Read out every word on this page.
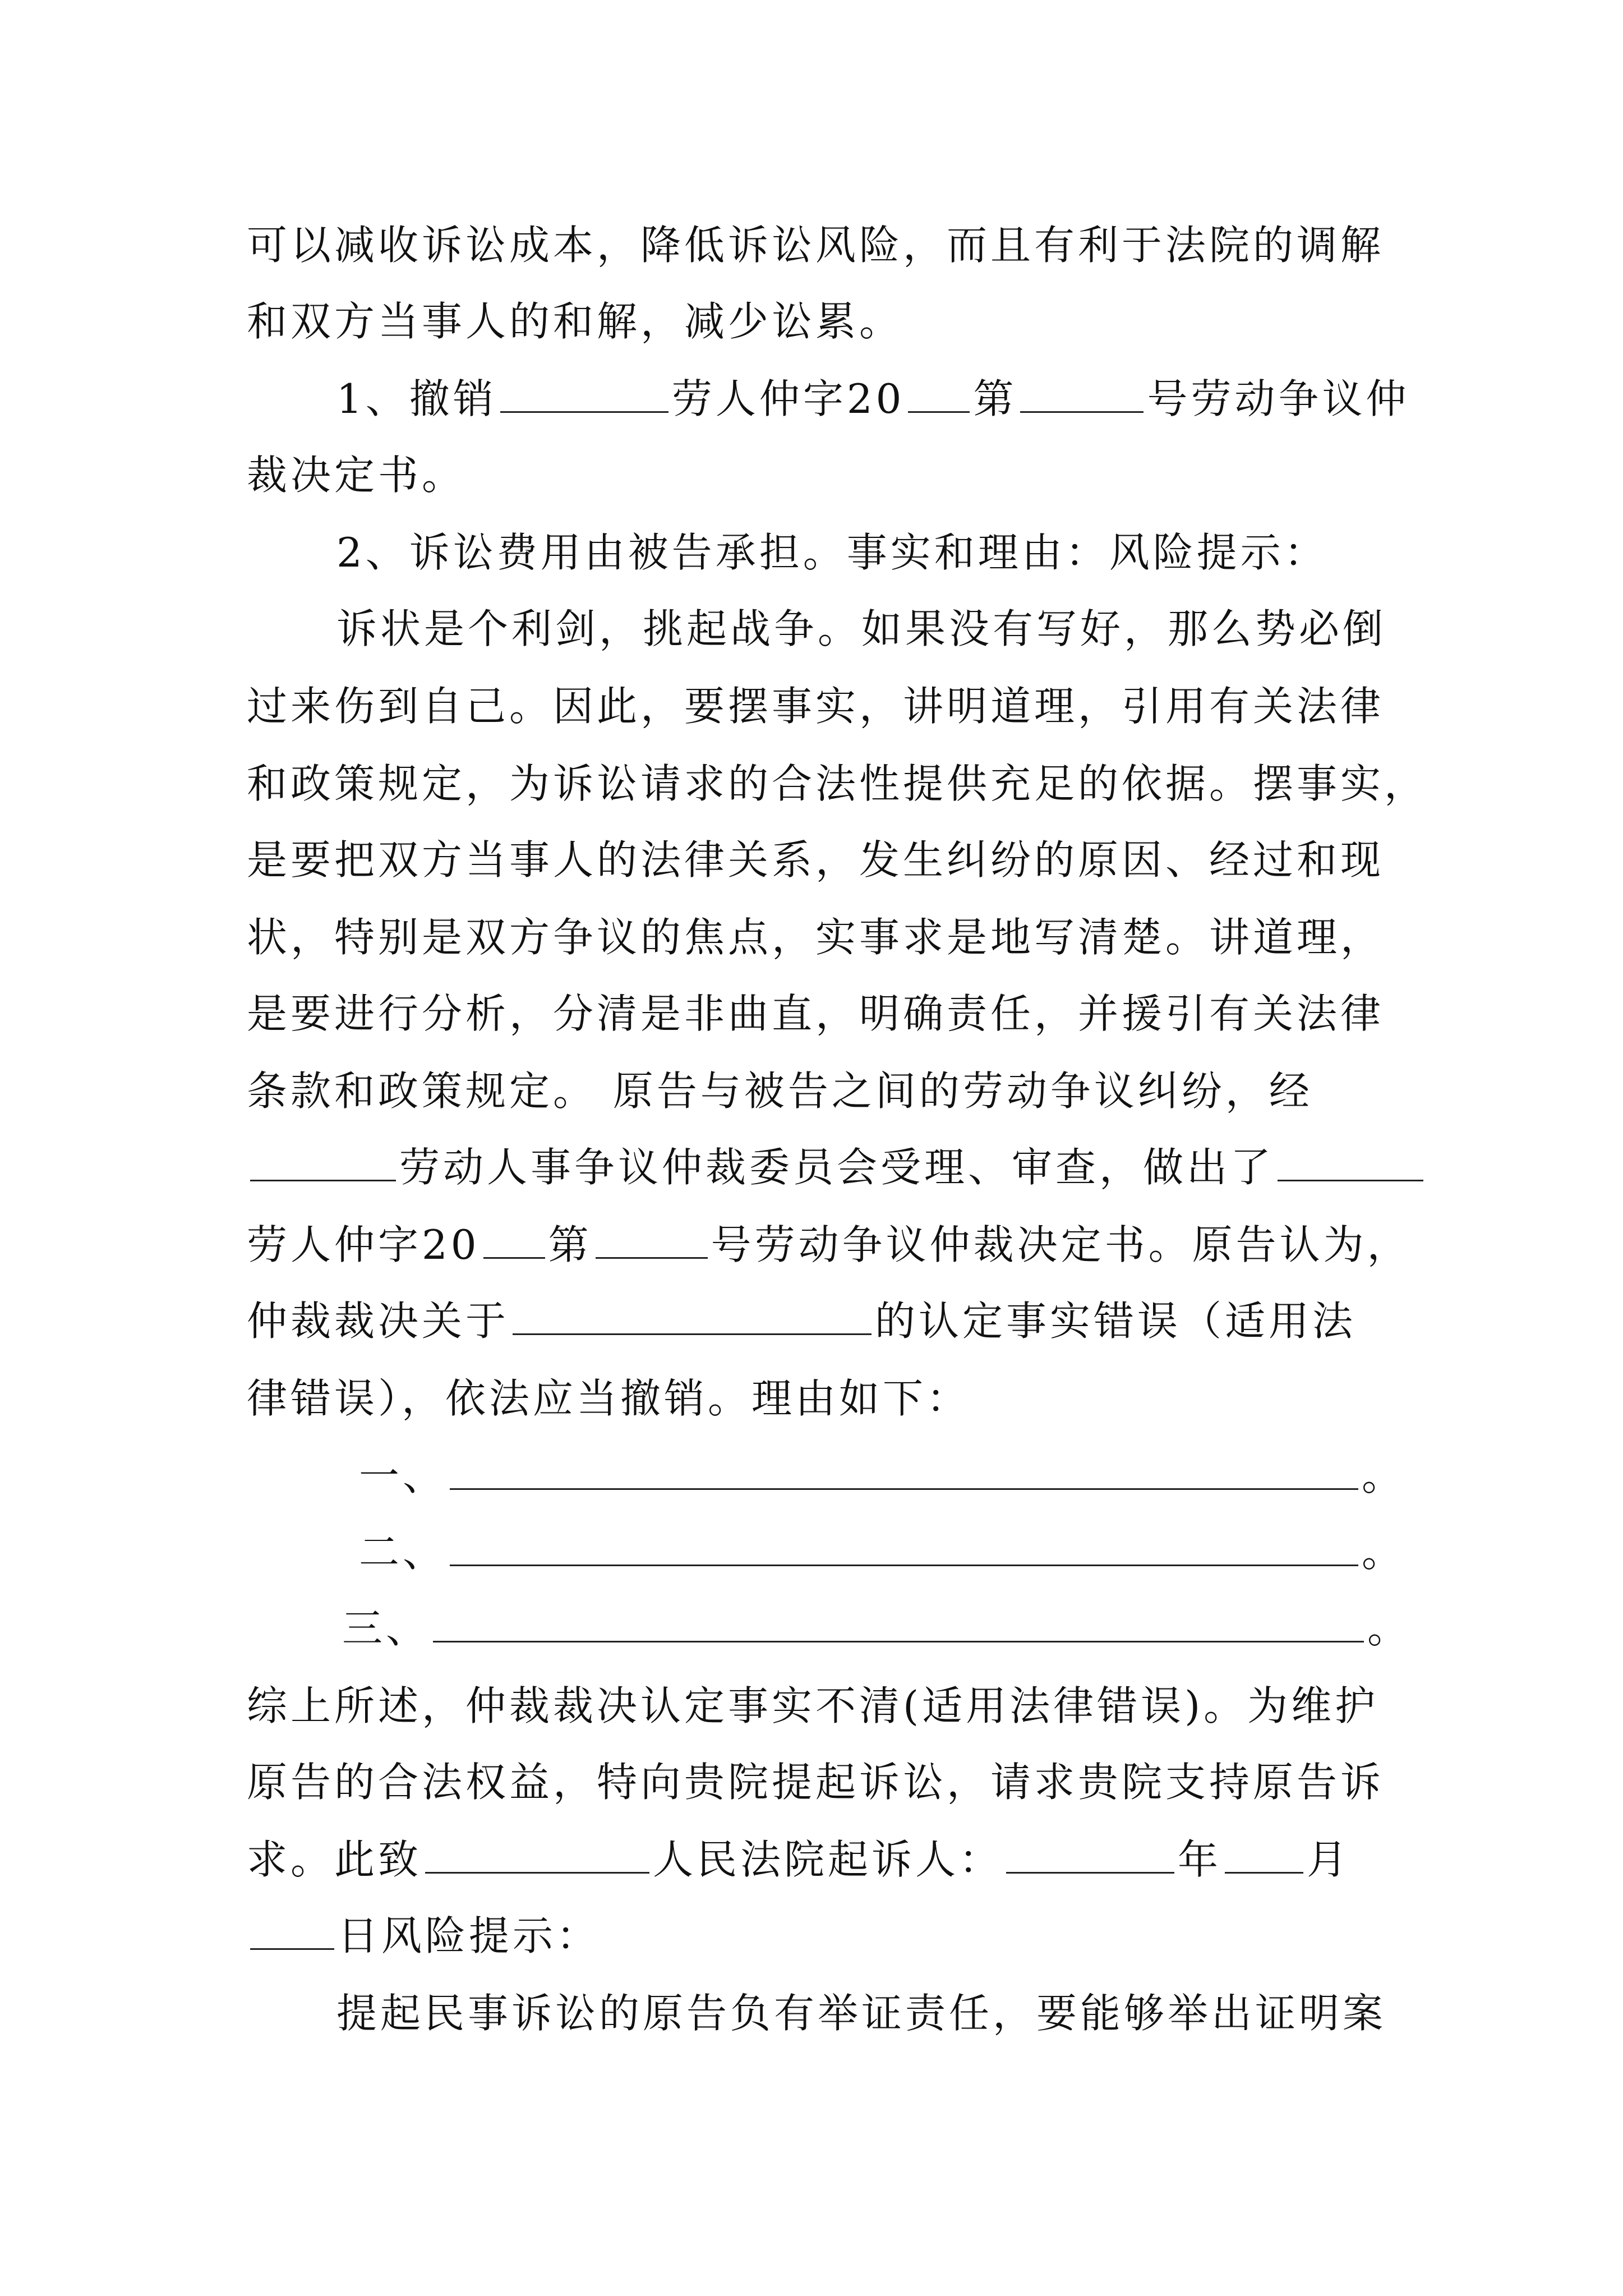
可以减收诉讼成本，降低诉讼风险，而且有利于法院的调解
和双方当事人的和解，减少讼累。
1、撤销	劳人仲字20 第	号劳动争议仲
裁决定书。
2、诉讼费用由被告承担。事实和理由：风险提示：
诉状是个利剑，挑起战争。如果没有写好，那么势必倒
过来伤到自己。因此，要摆事实，讲明道理，引用有关法律
和政策规定，为诉讼请求的合法性提供充足的依据。摆事实，
是要把双方当事人的法律关系，发生纠纷的原因、经过和现
状，特别是双方争议的焦点，实事求是地写清楚。讲道理，
是要进行分析，分清是非曲直，明确责任，并援引有关法律
条款和政策规定。 原告与被告之间的劳动争议纠纷，经
劳动人事争议仲裁委员会受理、审查，做出了
劳人仲字20 第	号劳动争议仲裁决定书。原告认为，
仲裁裁决关于	的认定事实错误（适用法
律错误），依法应当撤销。理由如下：
一、	。
二、	。
三、	。
综上所述，仲裁裁决认定事实不清(适用法律错误)。为维护
原告的合法权益，特向贵院提起诉讼，请求贵院支持原告诉
求。此致	人民法院起诉人：	年 月
日风险提示：
提起民事诉讼的原告负有举证责任，要能够举出证明案
